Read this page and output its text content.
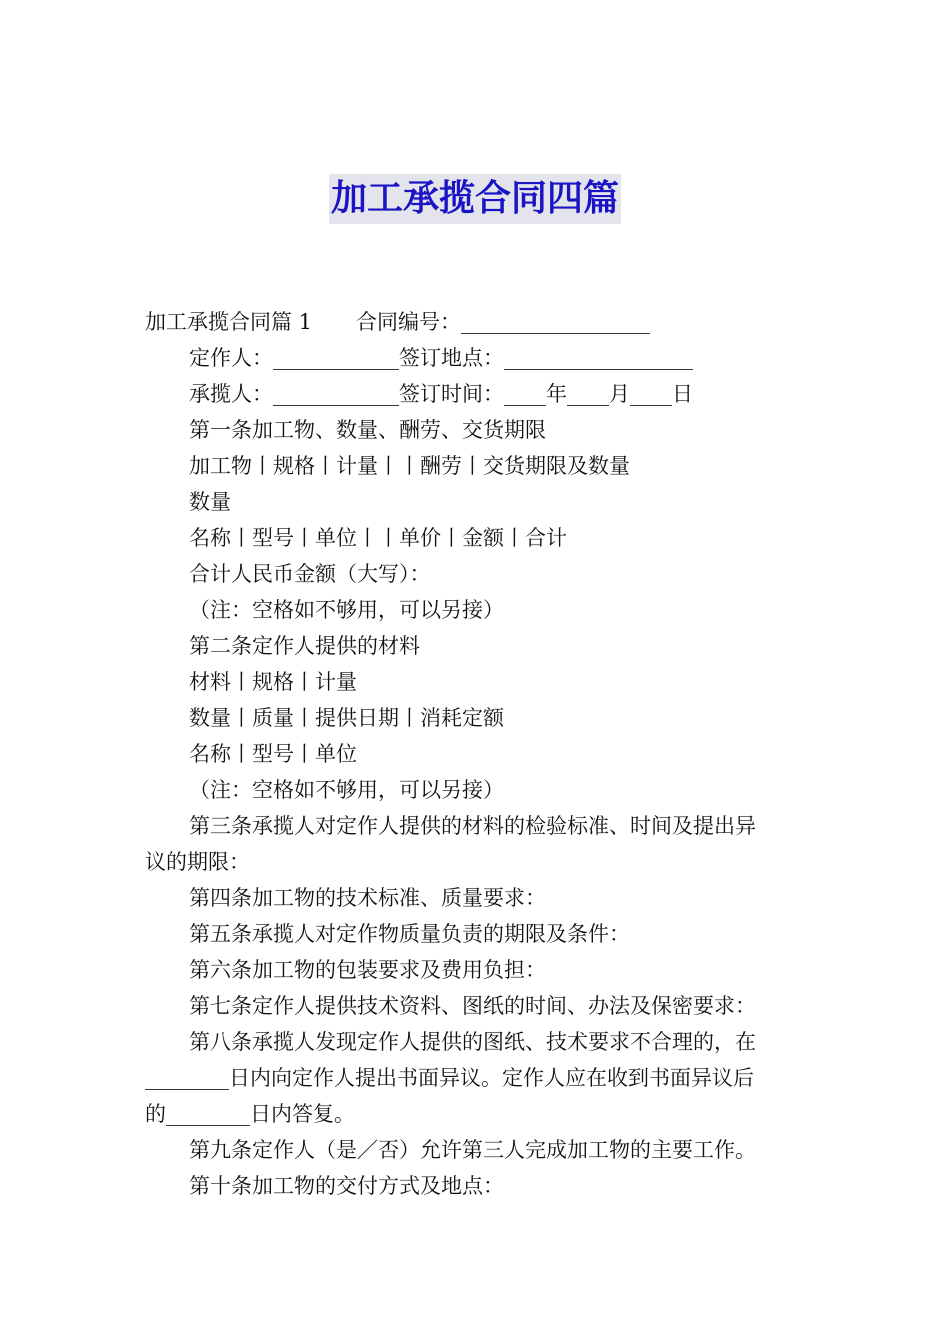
加工承揽合同四篇

加工承揽合同篇 1 合同编号：__________________

定作人：____________签订地点：__________________

承揽人：____________签订时间：____年____月____日

第一条加工物、数量、酬劳、交货期限

加工物丨规格丨计量丨丨酬劳丨交货期限及数量

数量

名称丨型号丨单位丨丨单价丨金额丨合计

合计人民币金额（大写）：

（注：空格如不够用，可以另接）

第二条定作人提供的材料

材料丨规格丨计量

数量丨质量丨提供日期丨消耗定额

名称丨型号丨单位

（注：空格如不够用，可以另接）

第三条承揽人对定作人提供的材料的检验标准、时间及提出异

议的期限：

第四条加工物的技术标准、质量要求：

第五条承揽人对定作物质量负责的期限及条件：

第六条加工物的包装要求及费用负担：

第七条定作人提供技术资料、图纸的时间、办法及保密要求：

第八条承揽人发现定作人提供的图纸、技术要求不合理的，在

________日内向定作人提出书面异议。定作人应在收到书面异议后

的________日内答复。

第九条定作人（是／否）允许第三人完成加工物的主要工作。

第十条加工物的交付方式及地点：
